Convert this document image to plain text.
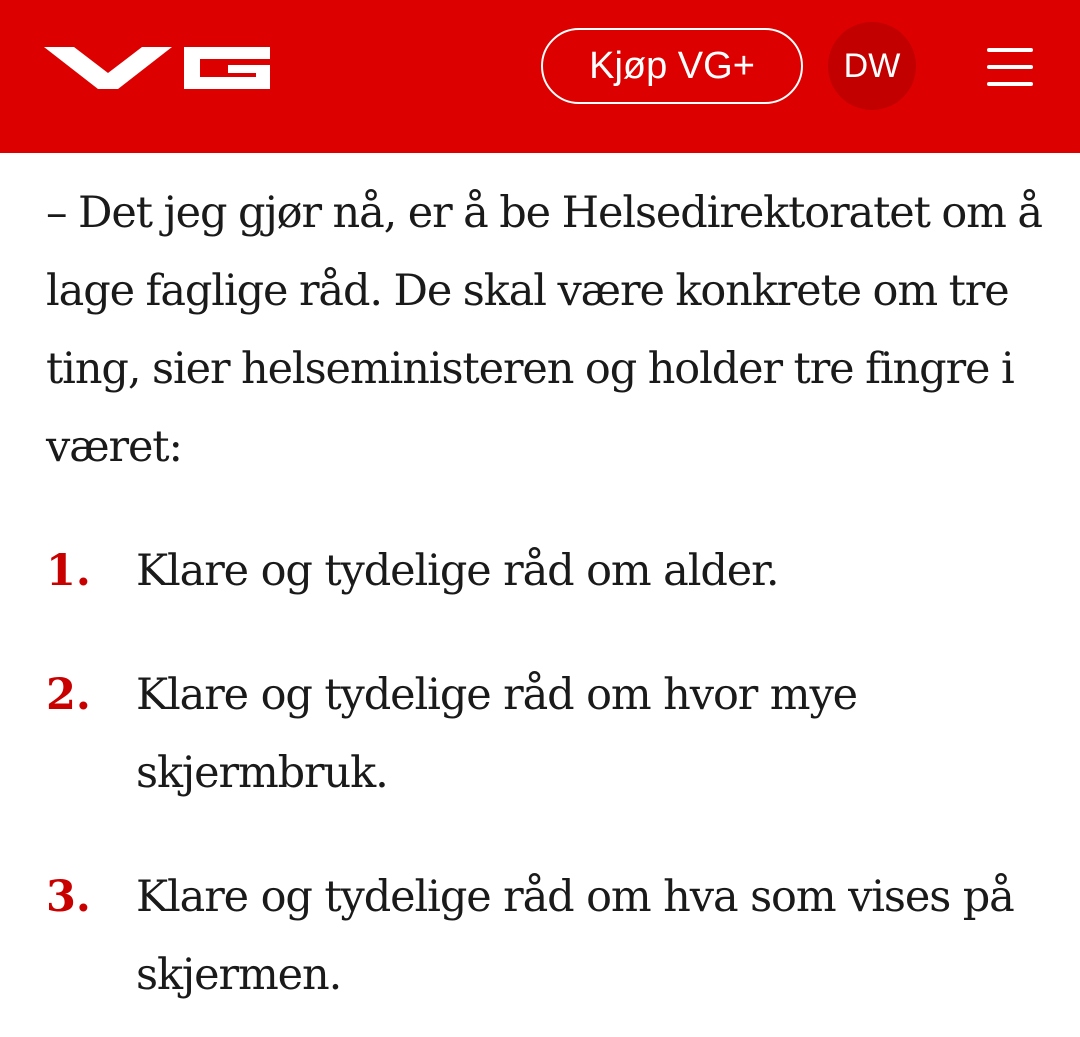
Kjøp VG+	DW

– Det jeg gjør nå, er å be Helsedirektoratet om å lage faglige råd. De skal være konkrete om tre ting, sier helseministeren og holder tre fingre i været:

1. Klare og tydelige råd om alder.
2. Klare og tydelige råd om hvor mye skjermbruk.
3. Klare og tydelige råd om hva som vises på skjermen.
